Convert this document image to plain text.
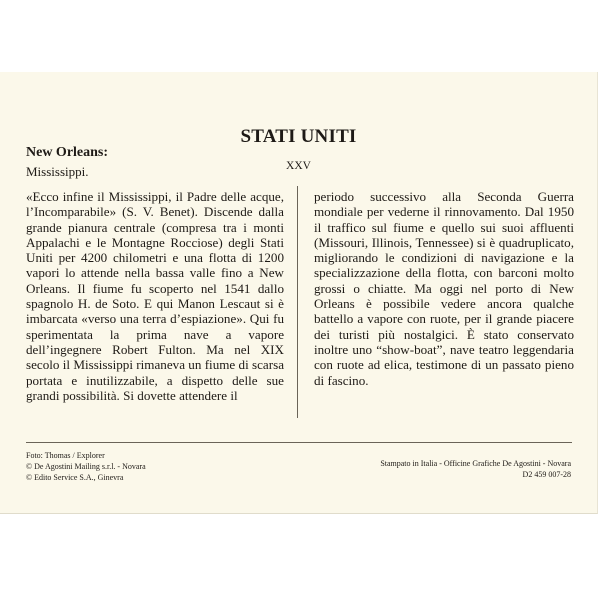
New Orleans:
Mississippi.
STATI UNITI
XXV

«Ecco infine il Mississippi, il Padre delle acque, l’Incomparabile» (S. V. Benet). Discende dalla grande pianura centrale (compresa tra i monti Appalachi e le Montagne Rocciose) degli Stati Uniti per 4200 chilometri e una flotta di 1200 vapori lo attende nella bassa valle fino a New Orleans. Il fiume fu scoperto nel 1541 dallo spagnolo H. de Soto. E qui Manon Lescaut si è imbarcata «verso una terra d’espiazione». Qui fu sperimentata la prima nave a vapore dell’ingegnere Robert Fulton. Ma nel XIX secolo il Mississippi rimaneva un fiume di scarsa portata e inutilizzabile, a dispetto delle sue grandi possibilità. Si dovette attendere il

periodo successivo alla Seconda Guerra mondiale per vederne il rinnovamento. Dal 1950 il traffico sul fiume e quello sui suoi affluenti (Missouri, Illinois, Tennessee) si è quadruplicato, migliorando le condizioni di navigazione e la specializzazione della flotta, con barconi molto grossi o chiatte. Ma oggi nel porto di New Orleans è possibile vedere ancora qualche battello a vapore con ruote, per il grande piacere dei turisti più nostalgici. È stato conservato inoltre uno “show-boat”, nave teatro leggendaria con ruote ad elica, testimone di un passato pieno di fascino.

Foto: Thomas / Explorer
© De Agostini Mailing s.r.l. - Novara
© Edito Service S.A., Ginevra
Stampato in Italia - Officine Grafiche De Agostini - Novara
D2 459 007-28
